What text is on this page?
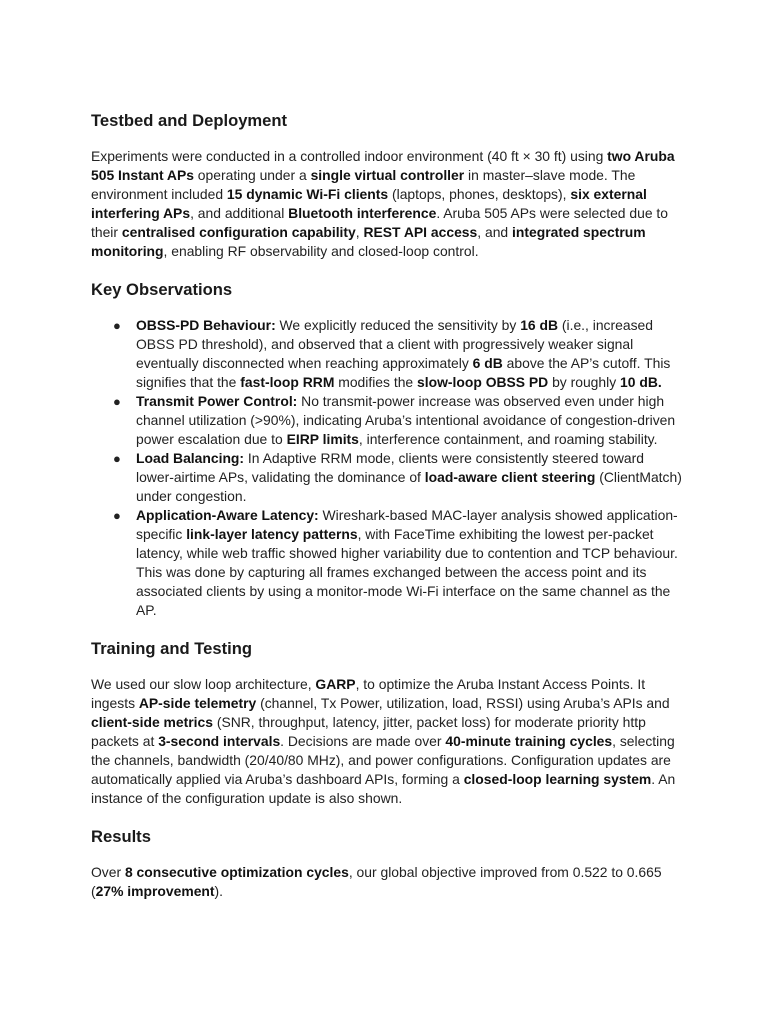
Testbed and Deployment

Experiments were conducted in a controlled indoor environment (40 ft × 30 ft) using two Aruba 505 Instant APs operating under a single virtual controller in master–slave mode. The environment included 15 dynamic Wi-Fi clients (laptops, phones, desktops), six external interfering APs, and additional Bluetooth interference. Aruba 505 APs were selected due to their centralised configuration capability, REST API access, and integrated spectrum monitoring, enabling RF observability and closed-loop control.

Key Observations
● OBSS-PD Behaviour: We explicitly reduced the sensitivity by 16 dB (i.e., increased OBSS PD threshold), and observed that a client with progressively weaker signal eventually disconnected when reaching approximately 6 dB above the AP’s cutoff. This signifies that the fast-loop RRM modifies the slow-loop OBSS PD by roughly 10 dB.
● Transmit Power Control: No transmit-power increase was observed even under high channel utilization (>90%), indicating Aruba’s intentional avoidance of congestion-driven power escalation due to EIRP limits, interference containment, and roaming stability.
● Load Balancing: In Adaptive RRM mode, clients were consistently steered toward lower-airtime APs, validating the dominance of load-aware client steering (ClientMatch) under congestion.
● Application-Aware Latency: Wireshark-based MAC-layer analysis showed application-specific link-layer latency patterns, with FaceTime exhibiting the lowest per-packet latency, while web traffic showed higher variability due to contention and TCP behaviour. This was done by capturing all frames exchanged between the access point and its associated clients by using a monitor-mode Wi-Fi interface on the same channel as the AP.
Training and Testing

We used our slow loop architecture, GARP, to optimize the Aruba Instant Access Points. It ingests AP-side telemetry (channel, Tx Power, utilization, load, RSSI) using Aruba’s APIs and client-side metrics (SNR, throughput, latency, jitter, packet loss) for moderate priority http packets at 3-second intervals. Decisions are made over 40-minute training cycles, selecting the channels, bandwidth (20/40/80 MHz), and power configurations. Configuration updates are automatically applied via Aruba’s dashboard APIs, forming a closed-loop learning system. An instance of the configuration update is also shown.

Results

Over 8 consecutive optimization cycles, our global objective improved from 0.522 to 0.665 (27% improvement).
